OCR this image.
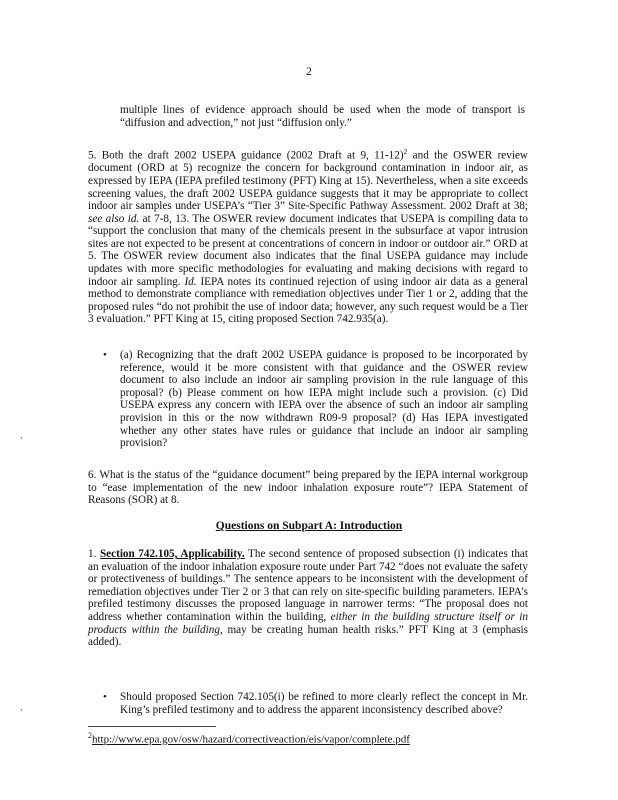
2
multiple lines of evidence approach should be used when the mode of transport is “diffusion and advection,” not just “diffusion only.”
5. Both the draft 2002 USEPA guidance (2002 Draft at 9, 11-12)$^2$ and the OSWER review document (ORD at 5) recognize the concern for background contamination in indoor air, as expressed by IEPA (IEPA prefiled testimony (PFT) King at 15). Nevertheless, when a site exceeds screening values, the draft 2002 USEPA guidance suggests that it may be appropriate to collect indoor air samples under USEPA’s “Tier 3” Site-Specific Pathway Assessment. 2002 Draft at 38; see also id. at 7-8, 13. The OSWER review document indicates that USEPA is compiling data to “support the conclusion that many of the chemicals present in the subsurface at vapor intrusion sites are not expected to be present at concentrations of concern in indoor or outdoor air.” ORD at 5. The OSWER review document also indicates that the final USEPA guidance may include updates with more specific methodologies for evaluating and making decisions with regard to indoor air sampling. Id. IEPA notes its continued rejection of using indoor air data as a general method to demonstrate compliance with remediation objectives under Tier 1 or 2, adding that the proposed rules “do not prohibit the use of indoor data; however, any such request would be a Tier 3 evaluation.” PFT King at 15, citing proposed Section 742.935(a).
• (a) Recognizing that the draft 2002 USEPA guidance is proposed to be incorporated by reference, would it be more consistent with that guidance and the OSWER review document to also include an indoor air sampling provision in the rule language of this proposal? (b) Please comment on how IEPA might include such a provision. (c) Did USEPA express any concern with IEPA over the absence of such an indoor air sampling provision in this or the now withdrawn R09-9 proposal? (d) Has IEPA investigated whether any other states have rules or guidance that include an indoor air sampling provision?
,
6. What is the status of the “guidance document” being prepared by the IEPA internal workgroup to “ease implementation of the new indoor inhalation exposure route”? IEPA Statement of Reasons (SOR) at 8.
Questions on Subpart A: Introduction
1. Section 742.105, Applicability. The second sentence of proposed subsection (i) indicates that an evaluation of the indoor inhalation exposure route under Part 742 “does not evaluate the safety or protectiveness of buildings.” The sentence appears to be inconsistent with the development of remediation objectives under Tier 2 or 3 that can rely on site-specific building parameters. IEPA’s prefiled testimony discusses the proposed language in narrower terms: “The proposal does not address whether contamination within the building, either in the building structure itself or in products within the building, may be creating human health risks.” PFT King at 3 (emphasis added).
• Should proposed Section 742.105(i) be refined to more clearly reflect the concept in Mr. King’s prefiled testimony and to address the apparent inconsistency described above?
,
$^2$http://www.epa.gov/osw/hazard/correctiveaction/eis/vapor/complete.pdf
